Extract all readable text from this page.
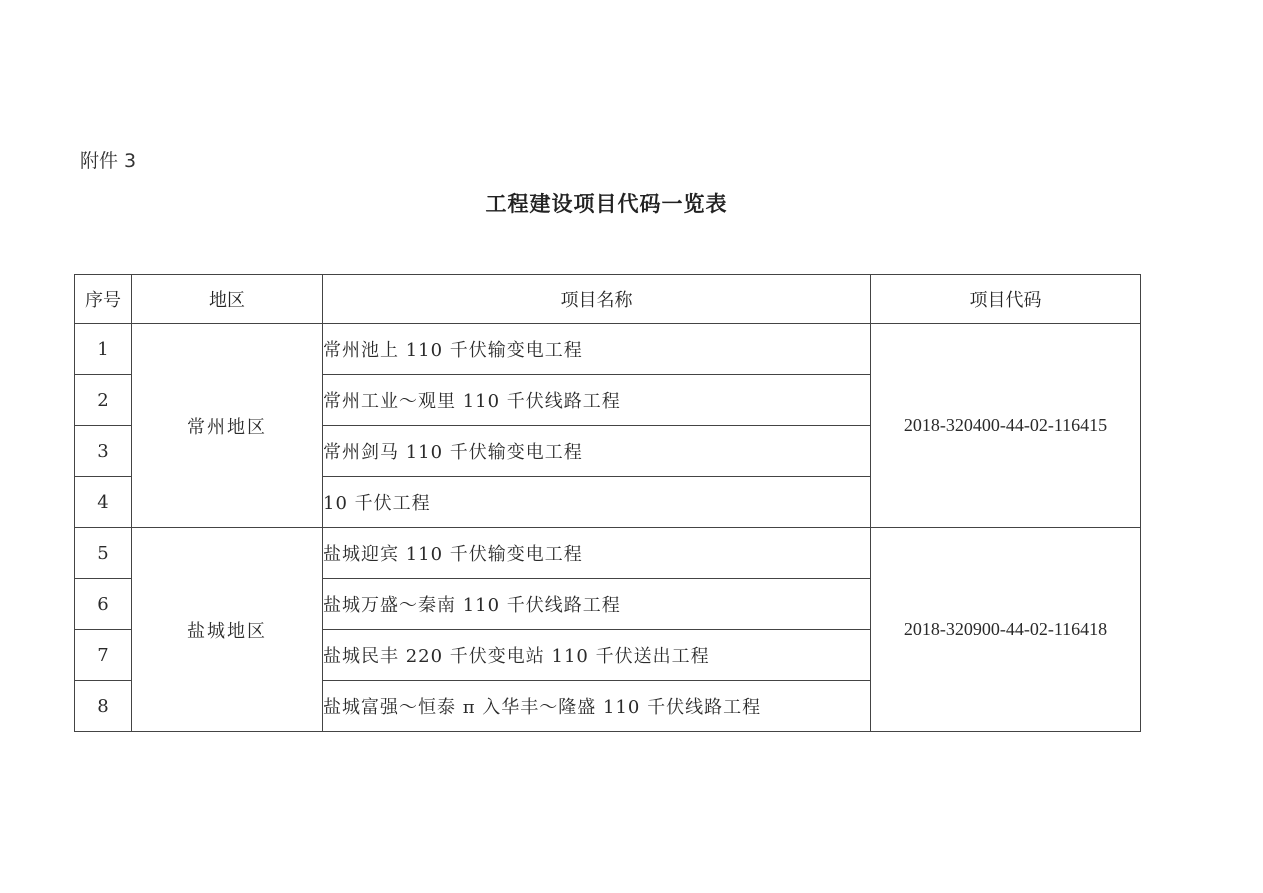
附件 3
工程建设项目代码一览表
序号	地区	项目名称	项目代码
1	常州地区	常州池上 110 千伏输变电工程	2018-320400-44-02-116415
2		常州工业～观里 110 千伏线路工程	
3		常州剑马 110 千伏输变电工程	
4		10 千伏工程	
5	盐城地区	盐城迎宾 110 千伏输变电工程	2018-320900-44-02-116418
6		盐城万盛～秦南 110 千伏线路工程	
7		盐城民丰 220 千伏变电站 110 千伏送出工程	
8		盐城富强～恒泰 π 入华丰～隆盛 110 千伏线路工程	
